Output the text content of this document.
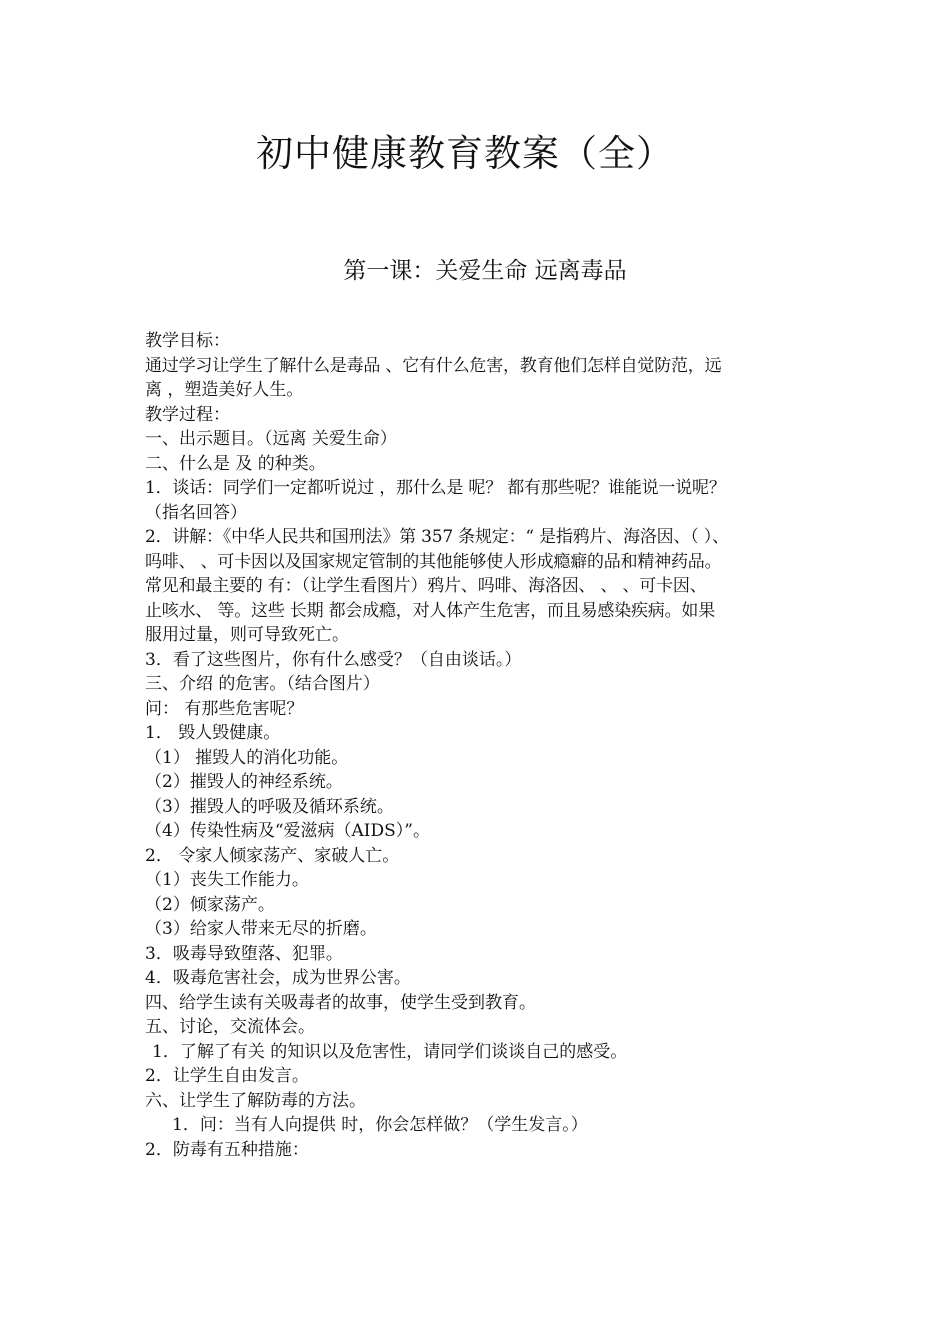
初中健康教育教案（全）
第一课：关爱生命 远离毒品
教学目标：
通过学习让学生了解什么是毒品 、它有什么危害，教育他们怎样自觉防范，远
离 ，塑造美好人生。
教学过程：
一、出示题目。（远离 关爱生命）
二、什么是 及 的种类。
1．谈话：同学们一定都听说过 ，那什么是 呢？ 都有那些呢？谁能说一说呢？
（指名回答）
2．讲解：《中华人民共和国刑法》第 357 条规定：“ 是指鸦片、海洛因、（ ）、
吗啡、 、可卡因以及国家规定管制的其他能够使人形成瘾癖的品和精神药品。
常见和最主要的 有：（让学生看图片）鸦片、吗啡、海洛因、 、 、可卡因、
止咳水、 等。这些 长期 都会成瘾，对人体产生危害，而且易感染疾病。如果
服用过量，则可导致死亡。
3．看了这些图片，你有什么感受？（自由谈话。）
三、介绍 的危害。（结合图片）
问： 有那些危害呢？
1． 毁人毁健康。
（1） 摧毁人的消化功能。
（2）摧毁人的神经系统。
（3）摧毁人的呼吸及循环系统。
（4）传染性病及“爱滋病（AIDS）”。
2． 令家人倾家荡产、家破人亡。
（1）丧失工作能力。
（2）倾家荡产。
（3）给家人带来无尽的折磨。
3．吸毒导致堕落、犯罪。
4．吸毒危害社会，成为世界公害。
四、给学生读有关吸毒者的故事，使学生受到教育。
五、讨论，交流体会。
1．了解了有关 的知识以及危害性，请同学们谈谈自己的感受。
2．让学生自由发言。
六、让学生了解防毒的方法。
1．问：当有人向提供 时，你会怎样做？（学生发言。）
2．防毒有五种措施：
